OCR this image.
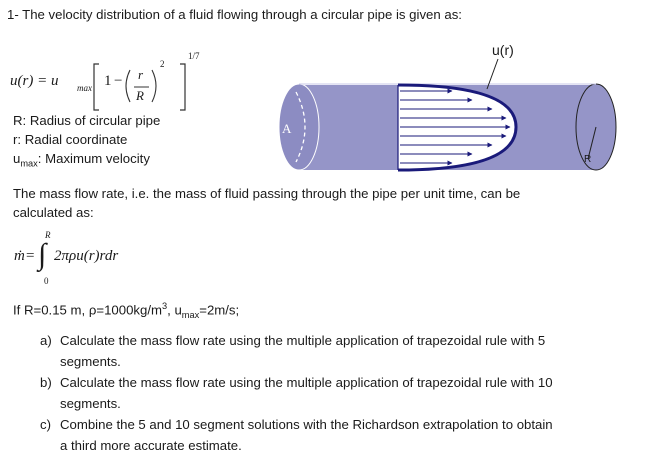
1- The velocity distribution of a fluid flowing through a circular pipe is given as:
u(r) = u max 1 − r
R
2
1/7
R: Radius of circular pipe
r: Radial coordinate
$u_{max}$: Maximum velocity
A
u(r)
R
The mass flow rate, i.e. the mass of fluid passing through the pipe per unit time, can be
calculated as:
ṁ =
R
∫
0
2πρu(r)rdr
If R=0.15 m, $\rho=1000kg/m^3$, $u_{max}=2m/s$;
a) Calculate the mass flow rate using the multiple application of trapezoidal rule with 5
segments.
b) Calculate the mass flow rate using the multiple application of trapezoidal rule with 10
segments.
c) Combine the 5 and 10 segment solutions with the Richardson extrapolation to obtain
a third more accurate estimate.
